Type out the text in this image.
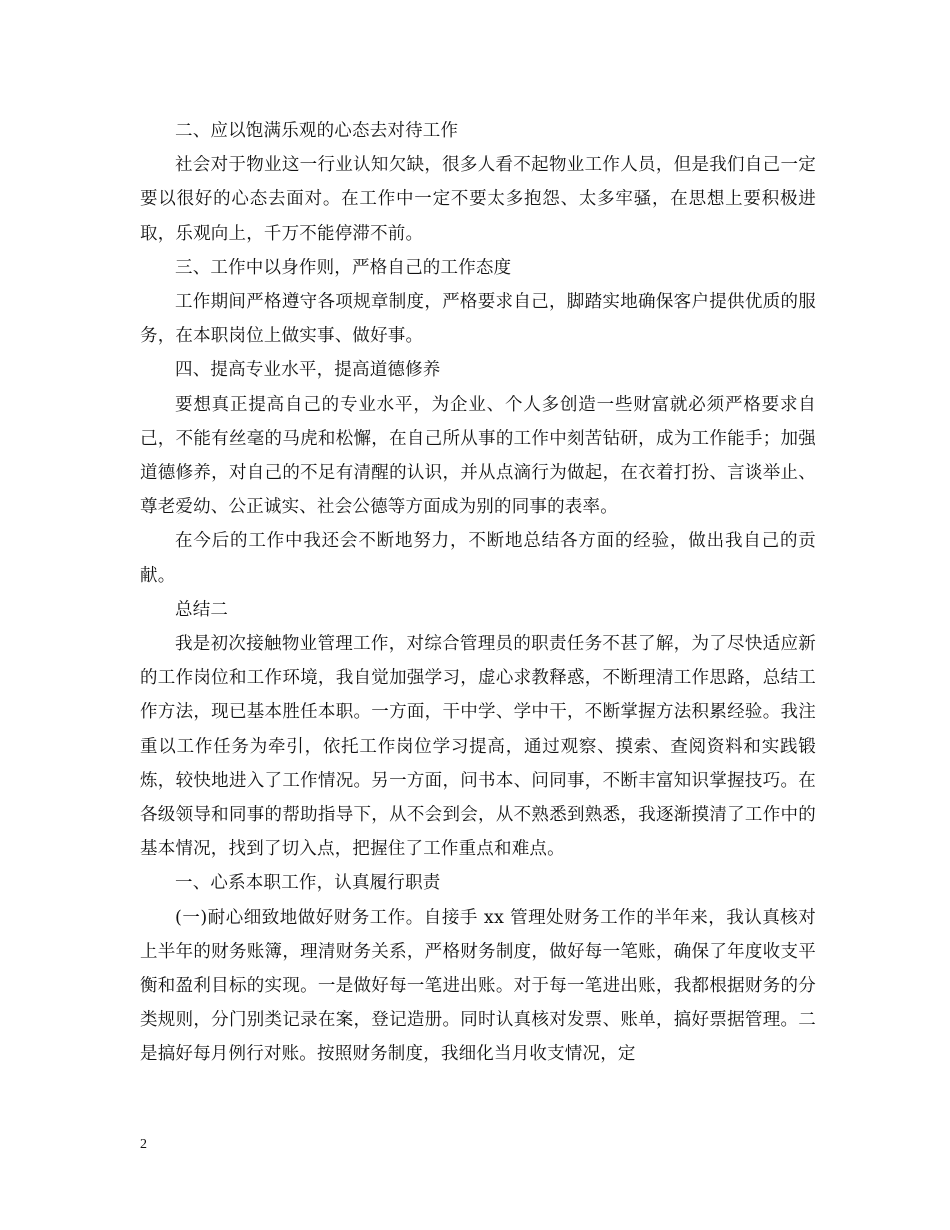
二、应以饱满乐观的心态去对待工作

社会对于物业这一行业认知欠缺，很多人看不起物业工作人员，但是我们自己一定要以很好的心态去面对。在工作中一定不要太多抱怨、太多牢骚，在思想上要积极进取，乐观向上，千万不能停滞不前。

三、工作中以身作则，严格自己的工作态度

工作期间严格遵守各项规章制度，严格要求自己，脚踏实地确保客户提供优质的服务，在本职岗位上做实事、做好事。

四、提高专业水平，提高道德修养

要想真正提高自己的专业水平，为企业、个人多创造一些财富就必须严格要求自己，不能有丝毫的马虎和松懈，在自己所从事的工作中刻苦钻研，成为工作能手；加强道德修养，对自己的不足有清醒的认识，并从点滴行为做起，在衣着打扮、言谈举止、尊老爱幼、公正诚实、社会公德等方面成为别的同事的表率。

在今后的工作中我还会不断地努力，不断地总结各方面的经验，做出我自己的贡献。

总结二

我是初次接触物业管理工作，对综合管理员的职责任务不甚了解，为了尽快适应新的工作岗位和工作环境，我自觉加强学习，虚心求教释惑，不断理清工作思路，总结工作方法，现已基本胜任本职。一方面，干中学、学中干，不断掌握方法积累经验。我注重以工作任务为牵引，依托工作岗位学习提高，通过观察、摸索、查阅资料和实践锻炼，较快地进入了工作情况。另一方面，问书本、问同事，不断丰富知识掌握技巧。在各级领导和同事的帮助指导下，从不会到会，从不熟悉到熟悉，我逐渐摸清了工作中的基本情况，找到了切入点，把握住了工作重点和难点。

一、心系本职工作，认真履行职责

(一)耐心细致地做好财务工作。自接手 xx 管理处财务工作的半年来，我认真核对上半年的财务账簿，理清财务关系，严格财务制度，做好每一笔账，确保了年度收支平衡和盈利目标的实现。一是做好每一笔进出账。对于每一笔进出账，我都根据财务的分类规则，分门别类记录在案，登记造册。同时认真核对发票、账单，搞好票据管理。二是搞好每月例行对账。按照财务制度，我细化当月收支情况，定

2
